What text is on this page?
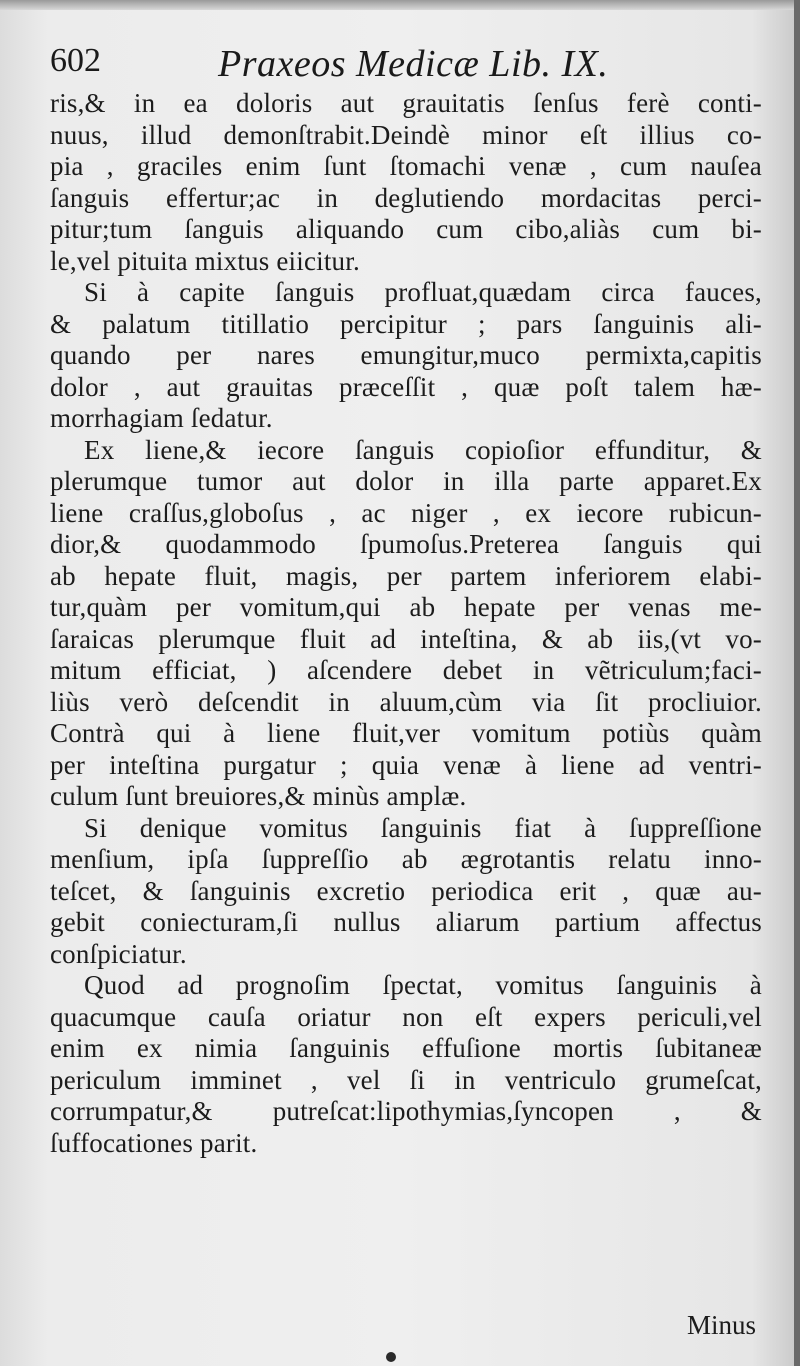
602	Praxeos Medicæ Lib. IX.
ris,& in ea doloris aut grauitatis ſenſus ferè conti-
nuus, illud demonſtrabit.Deindè minor eſt illius co-
pia , graciles enim ſunt ſtomachi venæ , cum nauſea
ſanguis effertur;ac in deglutiendo mordacitas perci-
pitur;tum ſanguis aliquando cum cibo,aliàs cum bi-
le,vel pituita mixtus eiicitur.
Si à capite ſanguis profluat,quædam circa fauces,
& palatum titillatio percipitur ; pars ſanguinis ali-
quando per nares emungitur,muco permixta,capitis
dolor , aut grauitas præceſſit , quæ poſt talem hæ-
morrhagiam ſedatur.
Ex liene,& iecore ſanguis copioſior effunditur, &
plerumque tumor aut dolor in illa parte apparet.Ex
liene craſſus,globoſus , ac niger , ex iecore rubicun-
dior,& quodammodo ſpumoſus.Preterea ſanguis qui
ab hepate fluit, magis, per partem inferiorem elabi-
tur,quàm per vomitum,qui ab hepate per venas me-
ſaraicas plerumque fluit ad inteſtina, & ab iis,(vt vo-
mitum efficiat, ) aſcendere debet in vẽtriculum;faci-
liùs verò deſcendit in aluum,cùm via ſit procliuior.
Contrà qui à liene fluit,ver vomitum potiùs quàm
per inteſtina purgatur ; quia venæ à liene ad ventri-
culum ſunt breuiores,& minùs amplæ.
Si denique vomitus ſanguinis fiat à ſuppreſſione
menſium, ipſa ſuppreſſio ab ægrotantis relatu inno-
teſcet, & ſanguinis excretio periodica erit , quæ au-
gebit coniecturam,ſi nullus aliarum partium affectus
conſpiciatur.
Quod ad prognoſim ſpectat, vomitus ſanguinis à
quacumque cauſa oriatur non eſt expers periculi,vel
enim ex nimia ſanguinis effuſione mortis ſubitaneæ
periculum imminet , vel ſi in ventriculo grumeſcat,
corrumpatur,& putreſcat:lipothymias,ſyncopen , &
ſuffocationes parit.
Minus
